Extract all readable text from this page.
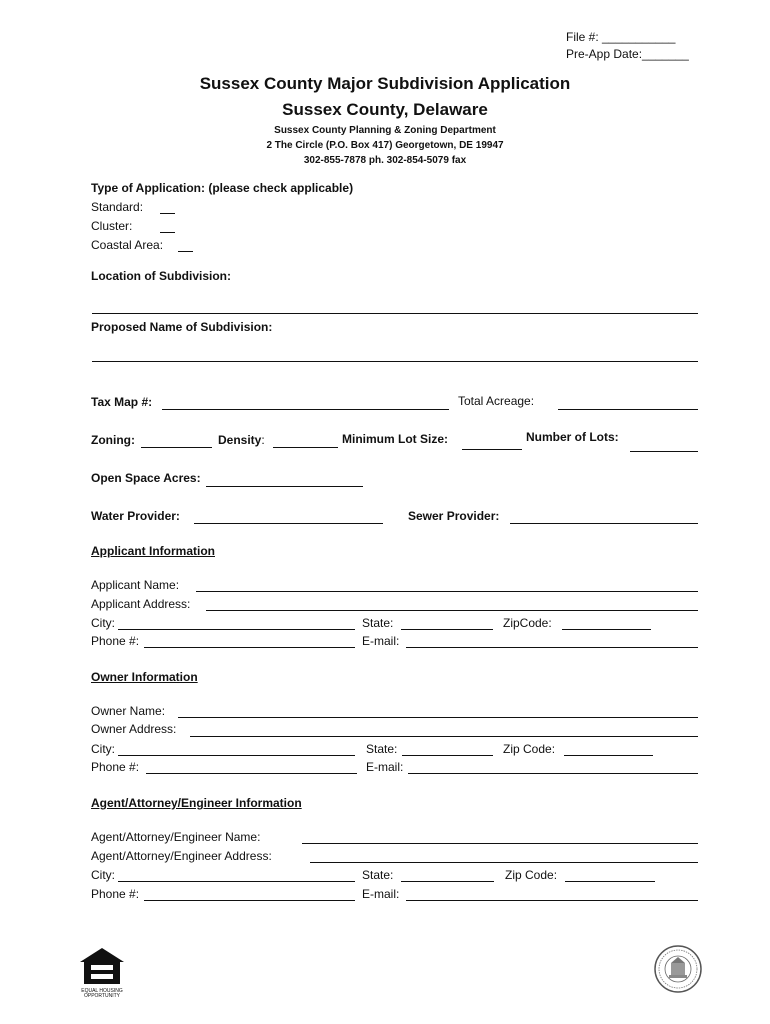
File #: ___________
Pre-App Date:_______
Sussex County Major Subdivision Application
Sussex County, Delaware
Sussex County Planning & Zoning Department
2 The Circle (P.O. Box 417) Georgetown, DE 19947
302-855-7878 ph. 302-854-5079 fax
Type of Application: (please check applicable)
Standard:
Cluster:
Coastal Area:
Location of Subdivision:
Proposed Name of Subdivision:
Tax Map #:	Total Acreage:
Zoning:	Density:	Minimum Lot Size:	Number of Lots:
Open Space Acres:
Water Provider:	Sewer Provider:
Applicant Information
Applicant Name:
Applicant Address:
City:	State:	ZipCode:
Phone #:	E-mail:
Owner Information
Owner Name:
Owner Address:
City:	State:	Zip Code:
Phone #:	E-mail:
Agent/Attorney/Engineer Information
Agent/Attorney/Engineer Name:
Agent/Attorney/Engineer Address:
City:	State:	Zip Code:
Phone #:	E-mail:
EQUAL HOUSING OPPORTUNITY
